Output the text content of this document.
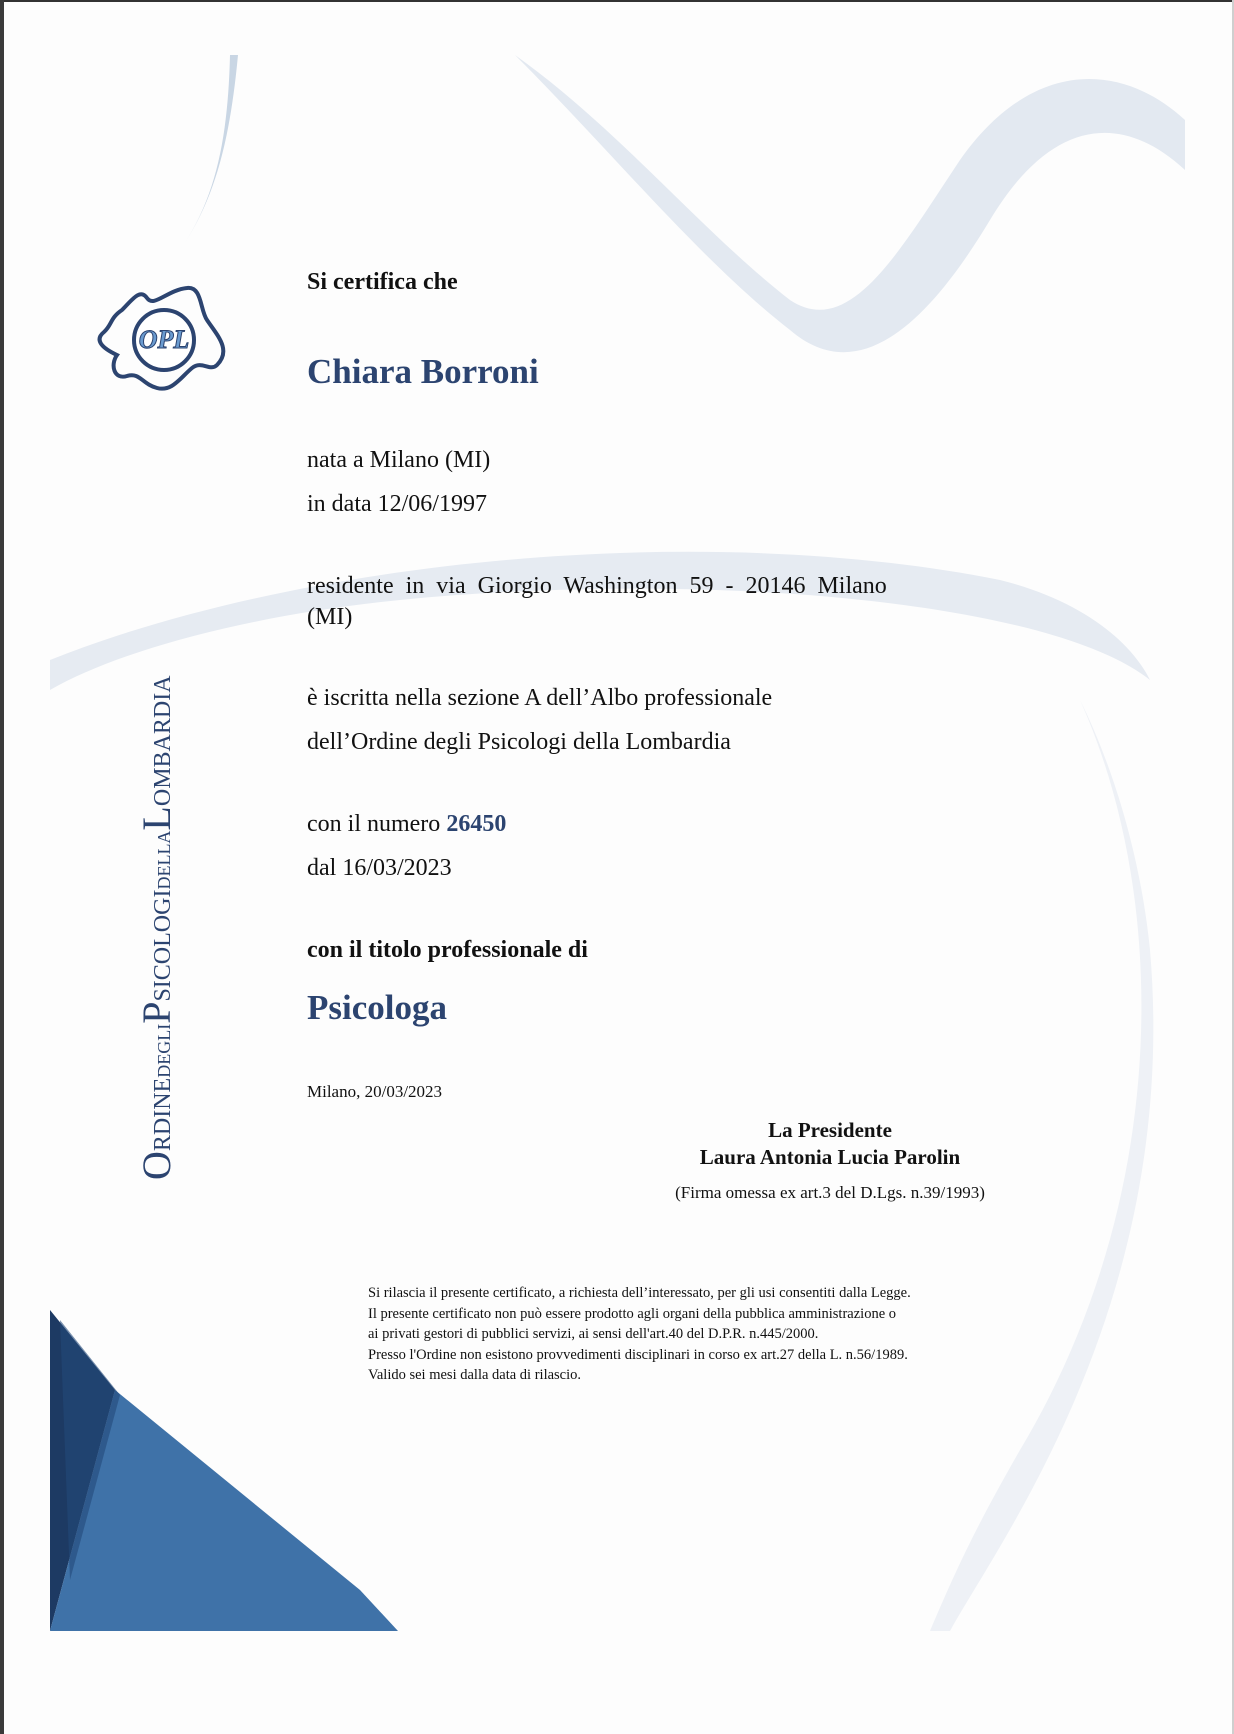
OPL
ORDINEDEGLIPSICOLOGIDELLALOMBARDIA
Si certifica che
Chiara Borroni
nata a Milano (MI)
in data 12/06/1997
residente in via Giorgio Washington 59 - 20146 Milano
(MI)
è iscritta nella sezione A dell’Albo professionale
dell’Ordine degli Psicologi della Lombardia
con il numero 26450
dal 16/03/2023
con il titolo professionale di
Psicologa
Milano, 20/03/2023
La Presidente
Laura Antonia Lucia Parolin
(Firma omessa ex art.3 del D.Lgs. n.39/1993)
Si rilascia il presente certificato, a richiesta dell’interessato, per gli usi consentiti dalla Legge.
Il presente certificato non può essere prodotto agli organi della pubblica amministrazione o
ai privati gestori di pubblici servizi, ai sensi dell'art.40 del D.P.R. n.445/2000.
Presso l'Ordine non esistono provvedimenti disciplinari in corso ex art.27 della L. n.56/1989.
Valido sei mesi dalla data di rilascio.
